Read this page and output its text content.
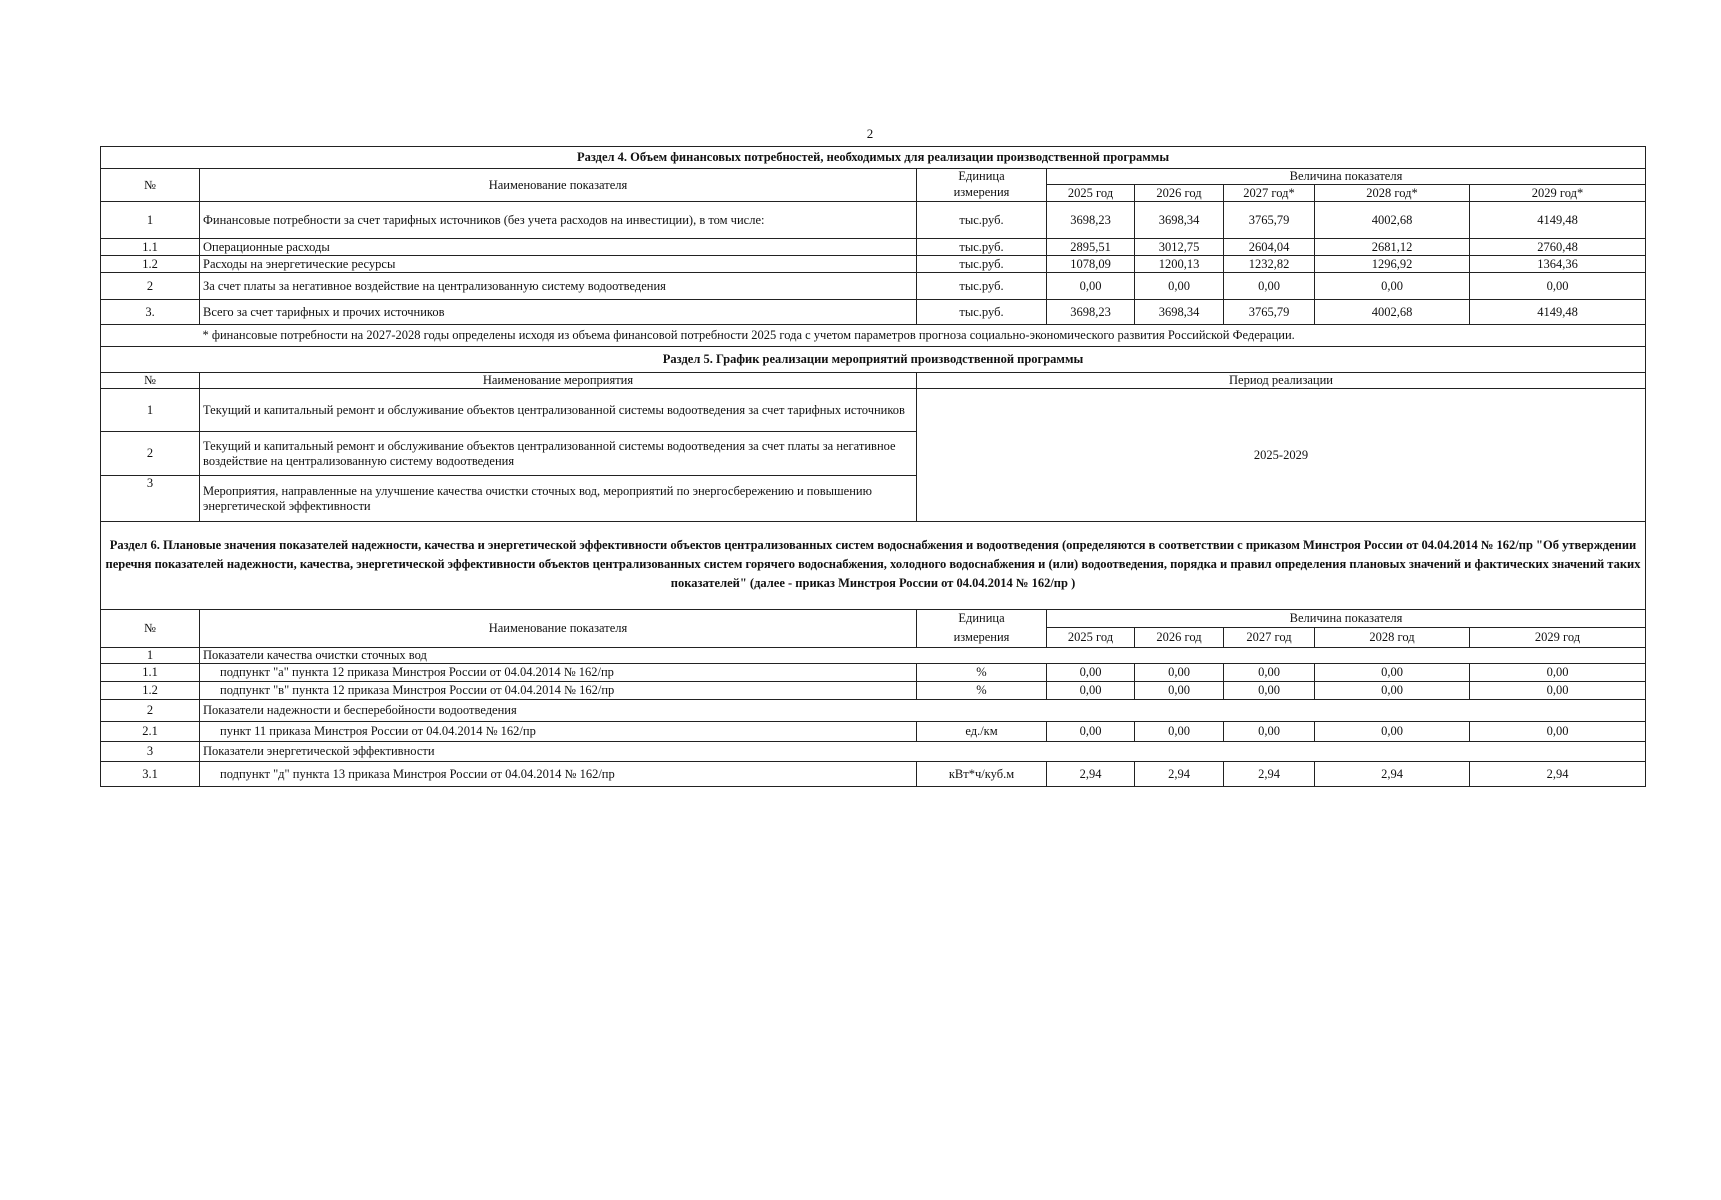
2
Раздел 4. Объем финансовых потребностей, необходимых для реализации производственной программы							
№	Наименование показателя	Единица	Величина показателя				
		измерения	2025 год	2026 год	2027 год*	2028 год*	2029 год*
1	Финансовые потребности за счет тарифных источников (без учета расходов на инвестиции), в том числе:	тыс.руб.	3698,23	3698,34	3765,79	4002,68	4149,48
1.1	Операционные расходы	тыс.руб.	2895,51	3012,75	2604,04	2681,12	2760,48
1.2	Расходы на энергетические ресурсы	тыс.руб.	1078,09	1200,13	1232,82	1296,92	1364,36
2	За счет платы за негативное воздействие на централизованную систему водоотведения	тыс.руб.	0,00	0,00	0,00	0,00	0,00
3.	Всего за счет тарифных и прочих источников	тыс.руб.	3698,23	3698,34	3765,79	4002,68	4149,48
	* финансовые потребности на 2027-2028 годы определены исходя из объема финансовой потребности 2025 года с учетом параметров прогноза социально-экономического развития Российской Федерации.						
Раздел 5. График реализации мероприятий производственной программы							
№	Наименование мероприятия	Период реализации					
1	Текущий и капитальный ремонт и обслуживание объектов централизованной системы водоотведения за счет тарифных источников	2025-2029					
2	Текущий и капитальный ремонт и обслуживание объектов централизованной системы водоотведения за счет платы за негативное воздействие на централизованную систему водоотведения						
3	Мероприятия, направленные на улучшение качества очистки сточных вод, мероприятий по энергосбережению и повышению энергетической эффективности						
Раздел 6. Плановые значения показателей надежности, качества и энергетической эффективности объектов централизованных систем водоснабжения и водоотведения (определяются в соответствии с приказом Минстроя России от 04.04.2014 № 162/пр "Об утверждении перечня показателей надежности, качества, энергетической эффективности объектов централизованных систем горячего водоснабжения, холодного водоснабжения и (или) водоотведения, порядка и правил определения плановых значений и фактических значений таких показателей" (далее - приказ Минстроя России от 04.04.2014 № 162/пр )							
№	Наименование показателя	Единица	Величина показателя				
		измерения	2025 год	2026 год	2027 год	2028 год	2029 год
1	Показатели качества очистки сточных вод						
1.1	подпункт "а" пункта 12 приказа Минстроя России от 04.04.2014 № 162/пр	%	0,00	0,00	0,00	0,00	0,00
1.2	подпункт "в" пункта 12 приказа Минстроя России от 04.04.2014 № 162/пр	%	0,00	0,00	0,00	0,00	0,00
2	Показатели надежности и бесперебойности водоотведения						
2.1	пункт 11 приказа Минстроя России от 04.04.2014 № 162/пр	ед./км	0,00	0,00	0,00	0,00	0,00
3	Показатели энергетической эффективности						
3.1	подпункт "д" пункта 13 приказа Минстроя России от 04.04.2014 № 162/пр	кВт*ч/куб.м	2,94	2,94	2,94	2,94	2,94
